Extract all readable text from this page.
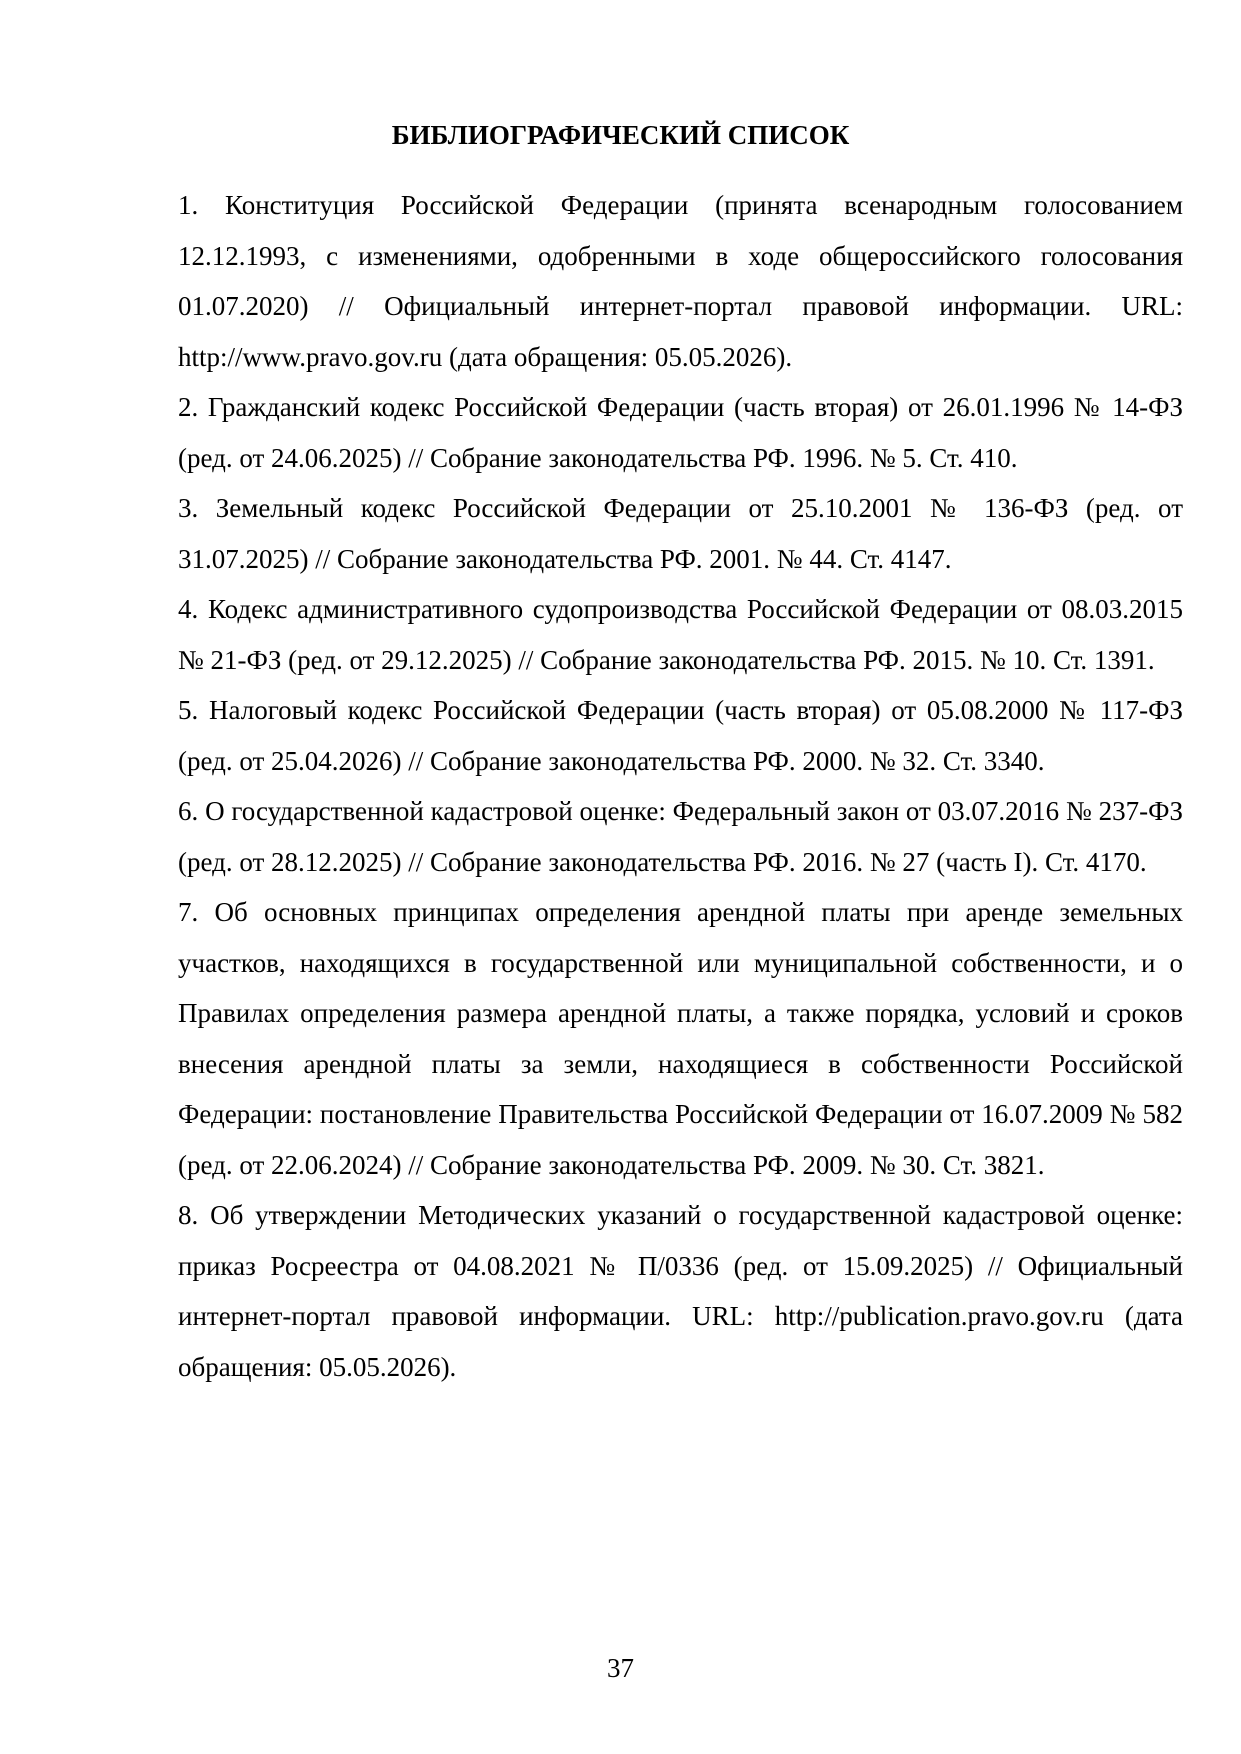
БИБЛИОГРАФИЧЕСКИЙ СПИСОК

1. Конституция Российской Федерации (принята всенародным голосованием 12.12.1993, с изменениями, одобренными в ходе общероссийского голосования 01.07.2020) // Официальный интернет-портал правовой информации. URL: http://www.pravo.gov.ru (дата обращения: 05.05.2026).

2. Гражданский кодекс Российской Федерации (часть вторая) от 26.01.1996 № 14-ФЗ (ред. от 24.06.2025) // Собрание законодательства РФ. 1996. № 5. Ст. 410.

3. Земельный кодекс Российской Федерации от 25.10.2001 № 136-ФЗ (ред. от 31.07.2025) // Собрание законодательства РФ. 2001. № 44. Ст. 4147.

4. Кодекс административного судопроизводства Российской Федерации от 08.03.2015 № 21-ФЗ (ред. от 29.12.2025) // Собрание законодательства РФ. 2015. № 10. Ст. 1391.

5. Налоговый кодекс Российской Федерации (часть вторая) от 05.08.2000 № 117-ФЗ (ред. от 25.04.2026) // Собрание законодательства РФ. 2000. № 32. Ст. 3340.

6. О государственной кадастровой оценке: Федеральный закон от 03.07.2016 № 237-ФЗ (ред. от 28.12.2025) // Собрание законодательства РФ. 2016. № 27 (часть I). Ст. 4170.

7. Об основных принципах определения арендной платы при аренде земельных участков, находящихся в государственной или муниципальной собственности, и о Правилах определения размера арендной платы, а также порядка, условий и сроков внесения арендной платы за земли, находящиеся в собственности Российской Федерации: постановление Правительства Российской Федерации от 16.07.2009 № 582 (ред. от 22.06.2024) // Собрание законодательства РФ. 2009. № 30. Ст. 3821.

8. Об утверждении Методических указаний о государственной кадастровой оценке: приказ Росреестра от 04.08.2021 № П/0336 (ред. от 15.09.2025) // Официальный интернет-портал правовой информации. URL: http://publication.pravo.gov.ru (дата обращения: 05.05.2026).

37
